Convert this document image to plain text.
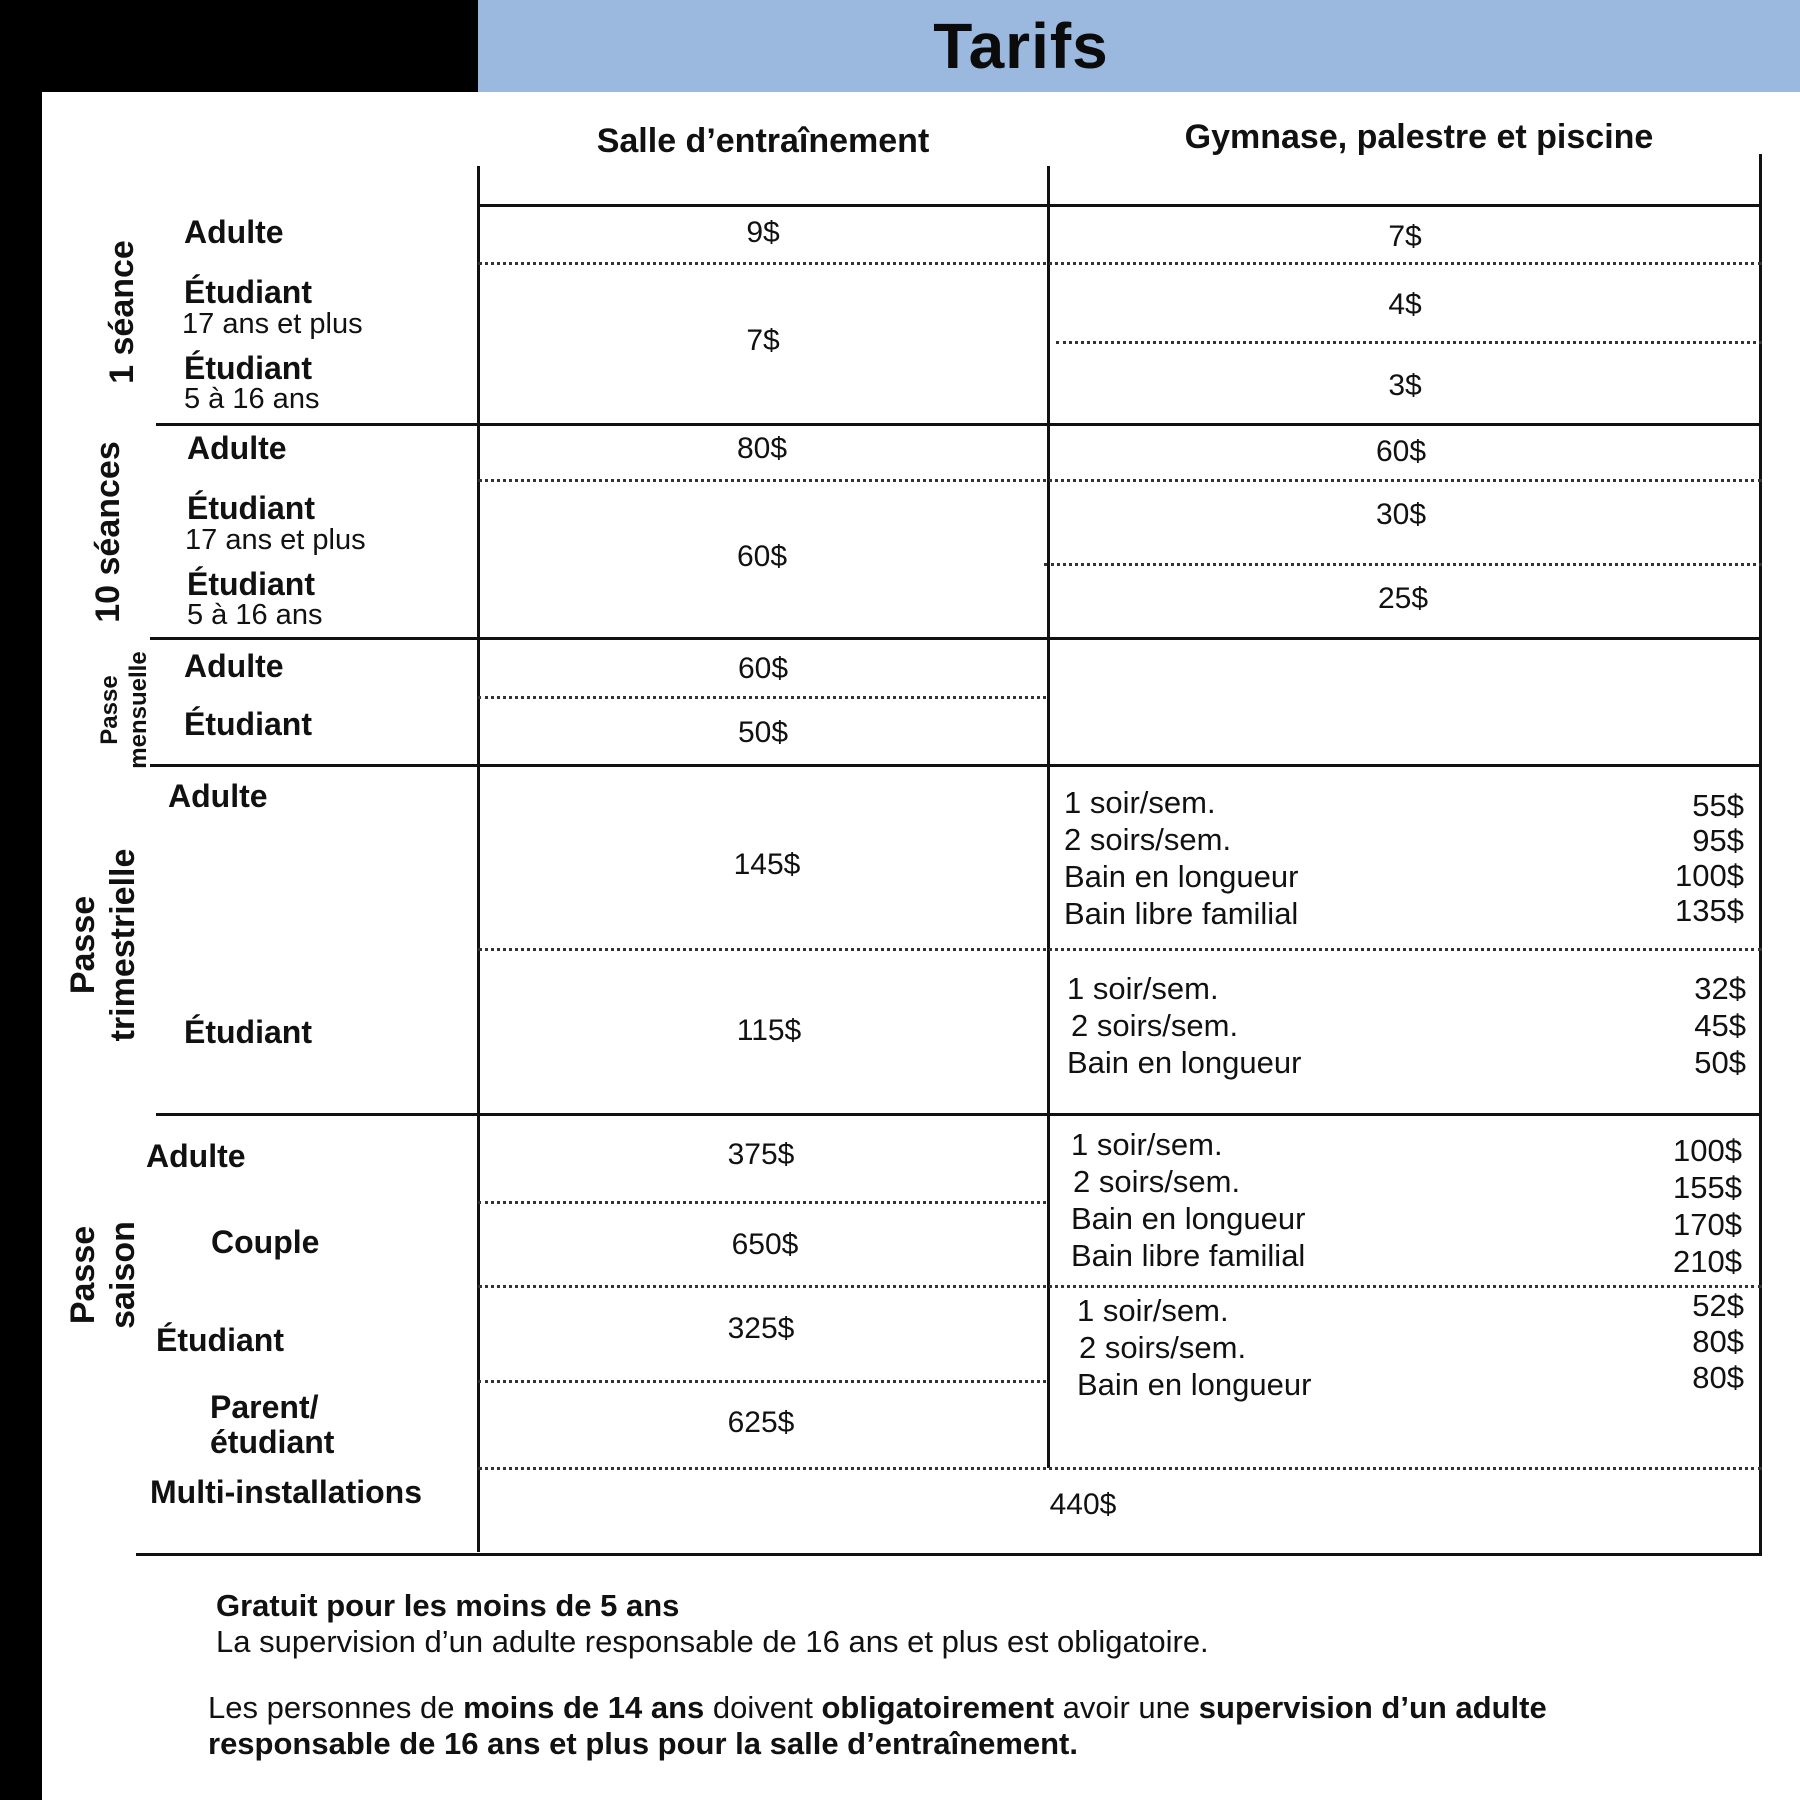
Tarifs
Salle d’entraînement	Gymnase, palestre et piscine
1 séance
10 séances
Passe mensuelle
Passe trimestrielle
Passe saison
Adulte
Étudiant
17 ans et plus
Étudiant
5 à 16 ans
9$
7$
7$
4$
3$
Adulte
Étudiant
17 ans et plus
Étudiant
5 à 16 ans
80$
60$
60$
30$
25$
Adulte
Étudiant
60$
50$
Adulte
Étudiant
145$
115$
1 soir/sem.
2 soirs/sem.
Bain en longueur
Bain libre familial
55$
95$
100$
135$
1 soir/sem.
2 soirs/sem.
Bain en longueur
32$
45$
50$
Adulte
Couple
Étudiant
Parent/
étudiant
Multi-installations
375$
650$
325$
625$
1 soir/sem.
2 soirs/sem.
Bain en longueur
Bain libre familial
100$
155$
170$
210$
1 soir/sem.
2 soirs/sem.
Bain en longueur
52$
80$
80$
440$
Gratuit pour les moins de 5 ans
La supervision d’un adulte responsable de 16 ans et plus est obligatoire.
Les personnes de moins de 14 ans doivent obligatoirement avoir une supervision d’un adulte
responsable de 16 ans et plus pour la salle d’entraînement.
